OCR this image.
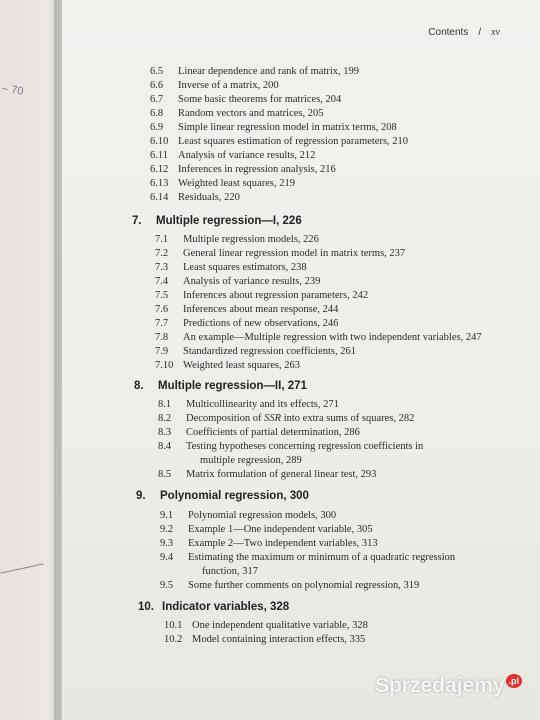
– 70
Contents / xv
6.5 Linear dependence and rank of matrix, 199
6.6 Inverse of a matrix, 200
6.7 Some basic theorems for matrices, 204
6.8 Random vectors and matrices, 205
6.9 Simple linear regression model in matrix terms, 208
6.10 Least squares estimation of regression parameters, 210
6.11 Analysis of variance results, 212
6.12 Inferences in regression analysis, 216
6.13 Weighted least squares, 219
6.14 Residuals, 220
7. Multiple regression—I, 226
7.1 Multiple regression models, 226
7.2 General linear regression model in matrix terms, 237
7.3 Least squares estimators, 238
7.4 Analysis of variance results, 239
7.5 Inferences about regression parameters, 242
7.6 Inferences about mean response, 244
7.7 Predictions of new observations, 246
7.8 An example—Multiple regression with two independent variables, 247
7.9 Standardized regression coefficients, 261
7.10 Weighted least squares, 263
8. Multiple regression—II, 271
8.1 Multicollinearity and its effects, 271
8.2 Decomposition of SSR into extra sums of squares, 282
8.3 Coefficients of partial determination, 286
8.4 Testing hypotheses concerning regression coefficients in
multiple regression, 289
8.5 Matrix formulation of general linear test, 293
9. Polynomial regression, 300
9.1 Polynomial regression models, 300
9.2 Example 1—One independent variable, 305
9.3 Example 2—Two independent variables, 313
9.4 Estimating the maximum or minimum of a quadratic regression
function, 317
9.5 Some further comments on polynomial regression, 319
10. Indicator variables, 328
10.1 One independent qualitative variable, 328
10.2 Model containing interaction effects, 335
Sprzedajemy $^{.pl}$
